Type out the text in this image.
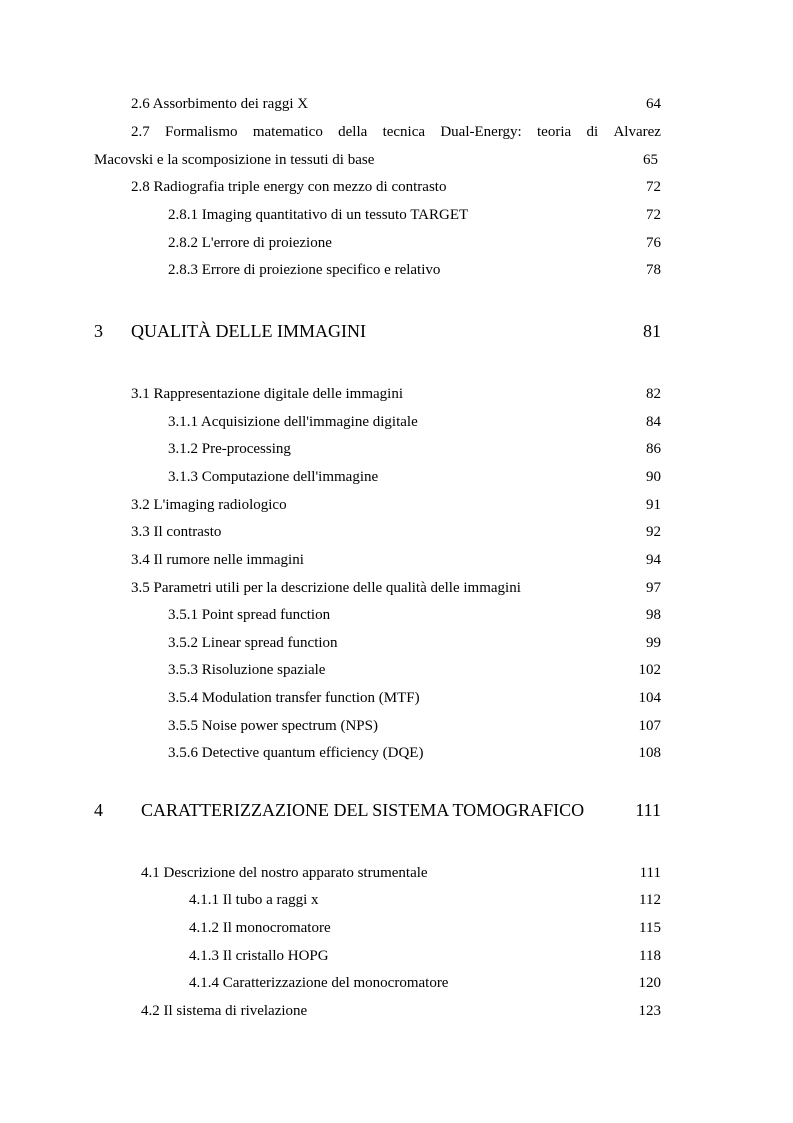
2.6 Assorbimento dei raggi X	64
2.7 Formalismo matematico della tecnica Dual-Energy: teoria di Alvarez
Macovski e la scomposizione in tessuti di base	65
2.8 Radiografia triple energy con mezzo di contrasto	72
2.8.1 Imaging quantitativo di un tessuto TARGET	72
2.8.2 L'errore di proiezione	76
2.8.3 Errore di proiezione specifico e relativo	78
3 QUALITÀ DELLE IMMAGINI	81
3.1 Rappresentazione digitale delle immagini	82
3.1.1 Acquisizione dell'immagine digitale	84
3.1.2 Pre-processing	86
3.1.3 Computazione dell'immagine	90
3.2 L'imaging radiologico	91
3.3 Il contrasto	92
3.4 Il rumore nelle immagini	94
3.5 Parametri utili per la descrizione delle qualità delle immagini	97
3.5.1 Point spread function	98
3.5.2 Linear spread function	99
3.5.3 Risoluzione spaziale	102
3.5.4 Modulation transfer function (MTF)	104
3.5.5 Noise power spectrum (NPS)	107
3.5.6 Detective quantum efficiency (DQE)	108
4 CARATTERIZZAZIONE DEL SISTEMA TOMOGRAFICO	111
4.1 Descrizione del nostro apparato strumentale	111
4.1.1 Il tubo a raggi x	112
4.1.2 Il monocromatore	115
4.1.3 Il cristallo HOPG	118
4.1.4 Caratterizzazione del monocromatore	120
4.2 Il sistema di rivelazione	123
